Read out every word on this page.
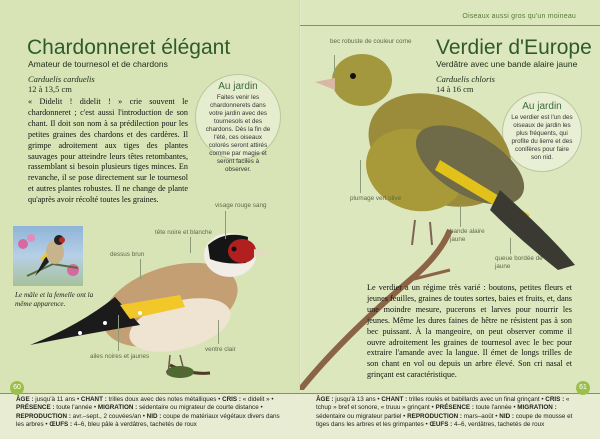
Oiseaux aussi gros qu'un moineau
Chardonneret élégant
Amateur de tournesol et de chardons
Carduelis carduelis
12 à 13,5 cm
« Didelit ! didelit ! » crie souvent le chardonneret ; c'est aussi l'introduction de son chant. Il doit son nom à sa prédilection pour les petites graines des chardons et des cardères. Il grimpe adroitement aux tiges des plantes sauvages pour atteindre leurs têtes retombantes, rassemblant si besoin plusieurs tiges minces. En revanche, il se pose directement sur le tournesol et autres plantes robustes. Il ne change de plante qu'après avoir récolté toutes les graines.
Au jardin

Faites venir les chardonnerets dans votre jardin avec des tournesols et des chardons. Dès la fin de l'été, ces oiseaux colorés seront attirés comme par magie et seront faciles à observer.

Le mâle et la femelle ont la même apparence.
visage rouge sang
tête noire et blanche
dessus brun
ailes noires et jaunes
ventre clair
Verdier d'Europe
Verdâtre avec une bande alaire jaune
Carduelis chloris
14 à 16 cm
Au jardin

Le verdier est l'un des oiseaux de jardin les plus fréquents, qui profite du lierre et des conifères pour faire son nid.

bec robuste de couleur corne
plumage vert olive
bande alaire jaune
queue bordée de jaune
Le verdier a un régime très varié : boutons, petites fleurs et jeunes feuilles, graines de toutes sortes, baies et fruits, et, dans une moindre mesure, pucerons et larves pour nourrir les jeunes. Même les dures faines de hêtre ne résistent pas à son bec puissant. À la mangeoire, on peut observer comme il ouvre adroitement les graines de tournesol avec le bec pour extraire l'amande avec la langue. Il émet de longs trilles de son chant en vol ou depuis un arbre élevé. Son cri nasal et grinçant est caractéristique.
60	61
ÂGE : jusqu'à 11 ans • CHANT : trilles doux avec des notes métalliques • CRIS : « didelit » • PRÉSENCE : toute l'année • MIGRATION : sédentaire ou migrateur de courte distance • REPRODUCTION : avr.–sept., 2 couvées/an • NID : coupe de matériaux végétaux divers dans les arbres • ŒUFS : 4–6, bleu pâle à verdâtres, tachetés de roux
ÂGE : jusqu'à 13 ans • CHANT : trilles roulés et babillards avec un final grinçant • CRIS : « tchup » bref et sonore, « truuu » grinçant • PRÉSENCE : toute l'année • MIGRATION : sédentaire ou migrateur partiel • REPRODUCTION : mars–août • NID : coupe de mousse et tiges dans les arbres et les grimpantes • ŒUFS : 4–6, verdâtres, tachetés de roux
